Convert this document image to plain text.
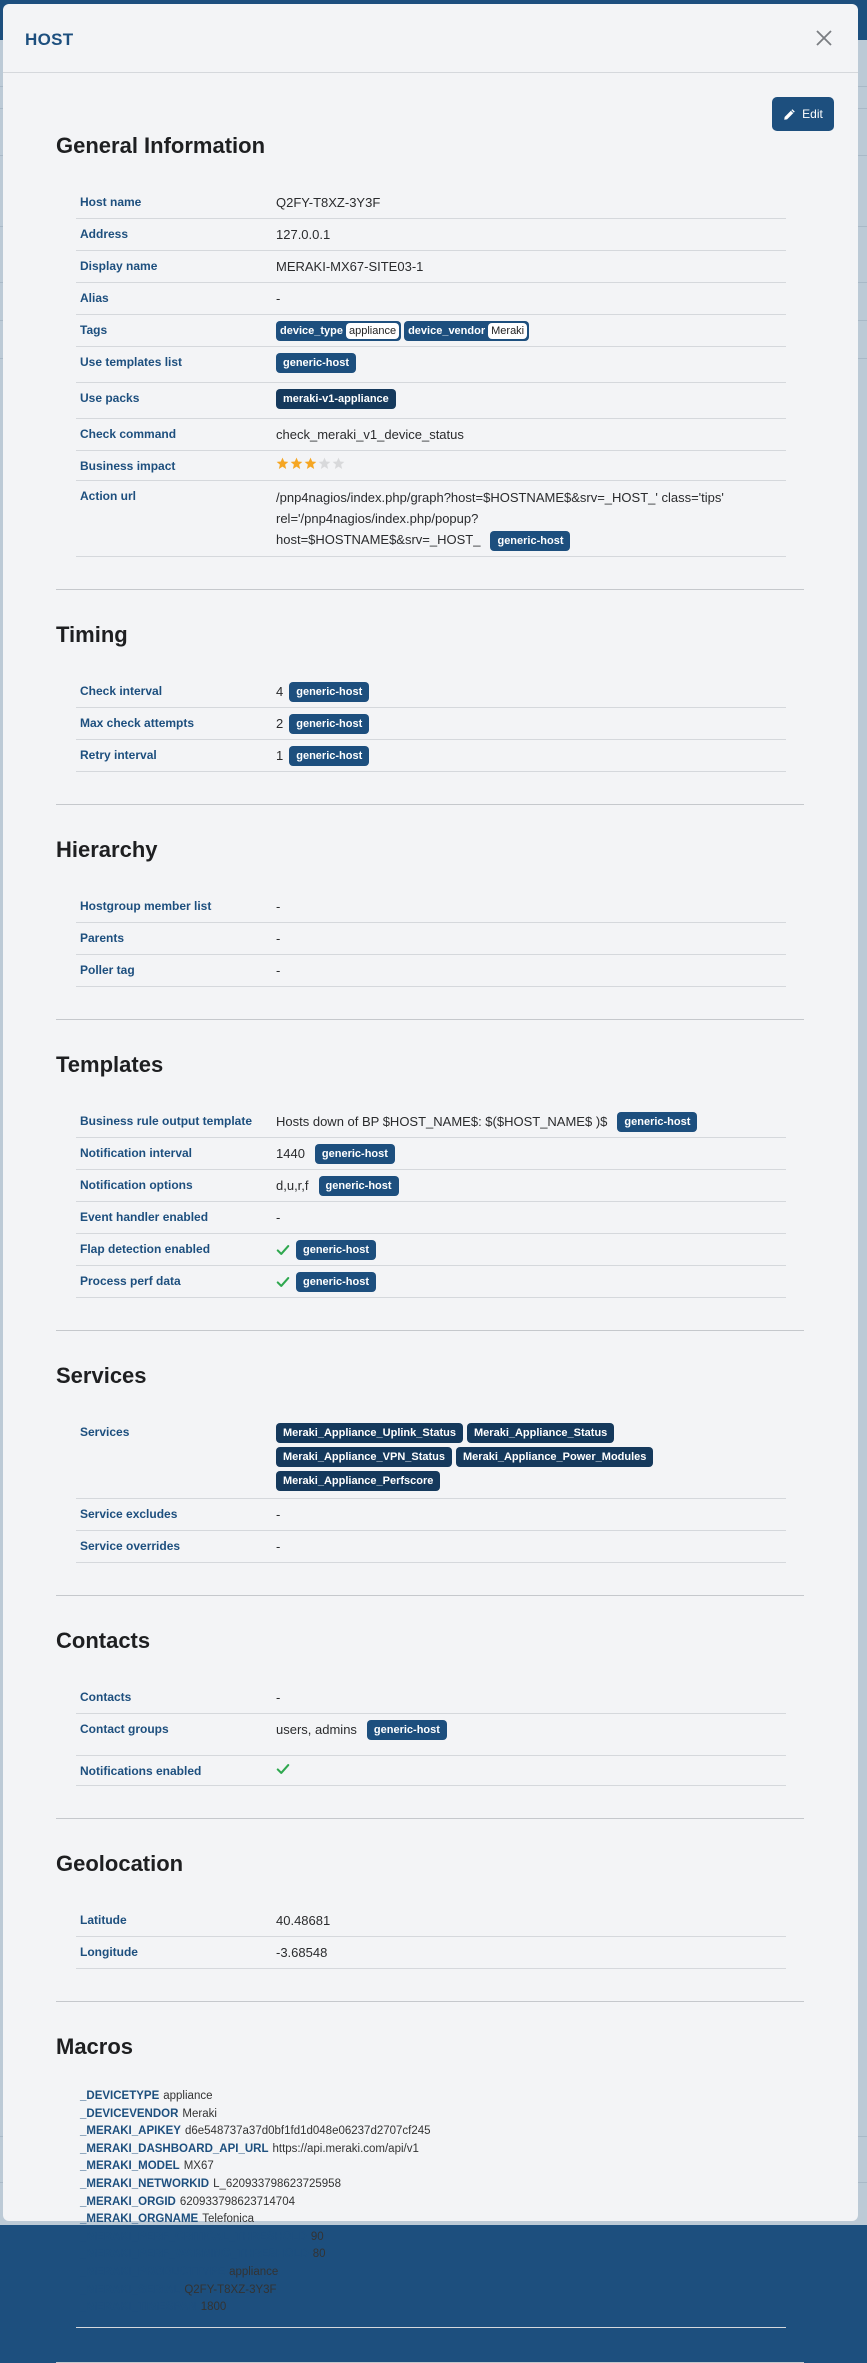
HOST
Edit
General Information
Host name	Q2FY-T8XZ-3Y3F
Address	127.0.0.1
Display name	MERAKI-MX67-SITE03-1
Alias	-
Tags	device_type appliance device_vendor Meraki
Use templates list	generic-host
Use packs	meraki-v1-appliance
Check command	check_meraki_v1_device_status
Business impact
Action url	/pnp4nagios/index.php/graph?host=$HOSTNAME$&srv=_HOST_' class='tips'
rel='/pnp4nagios/index.php/popup?
host=$HOSTNAME$&srv=_HOST_ generic-host
Timing
Check interval	4	generic-host
Max check attempts	2	generic-host
Retry interval	1	generic-host
Hierarchy
Hostgroup member list	-
Parents	-
Poller tag	-
Templates
Business rule output template	Hosts down of BP $HOST_NAME$: $($HOST_NAME$ )$	generic-host
Notification interval	1440	generic-host
Notification options	d,u,r,f	generic-host
Event handler enabled	-
Flap detection enabled	generic-host
Process perf data	generic-host
Services
Services	Meraki_Appliance_Uplink_Status	Meraki_Appliance_Status
Meraki_Appliance_VPN_Status	Meraki_Appliance_Power_Modules
Meraki_Appliance_Perfscore
Service excludes	-
Service overrides	-
Contacts
Contacts	-
Contact groups	users, admins	generic-host
Notifications enabled
Geolocation
Latitude	40.48681
Longitude	-3.68548
Macros
_DEVICETYPE appliance
_DEVICEVENDOR Meraki
_MERAKI_APIKEY d6e548737a37d0bf1fd1d048e06237d2707cf245
_MERAKI_DASHBOARD_API_URL https://api.meraki.com/api/v1
_MERAKI_MODEL MX67
_MERAKI_NETWORKID L_620933798623725958
_MERAKI_ORGID 620933798623714704
_MERAKI_ORGNAME Telefonica
_MERAKI_PERF_CRITICAL_THRESHOLD 90
_MERAKI_PERF_WARNING_THRESHOLD 80
_MERAKI_PRODUCTTYPE appliance
_MERAKI_SERIAL Q2FY-T8XZ-3Y3F
_MERAKI_TIMESPAN 1800
